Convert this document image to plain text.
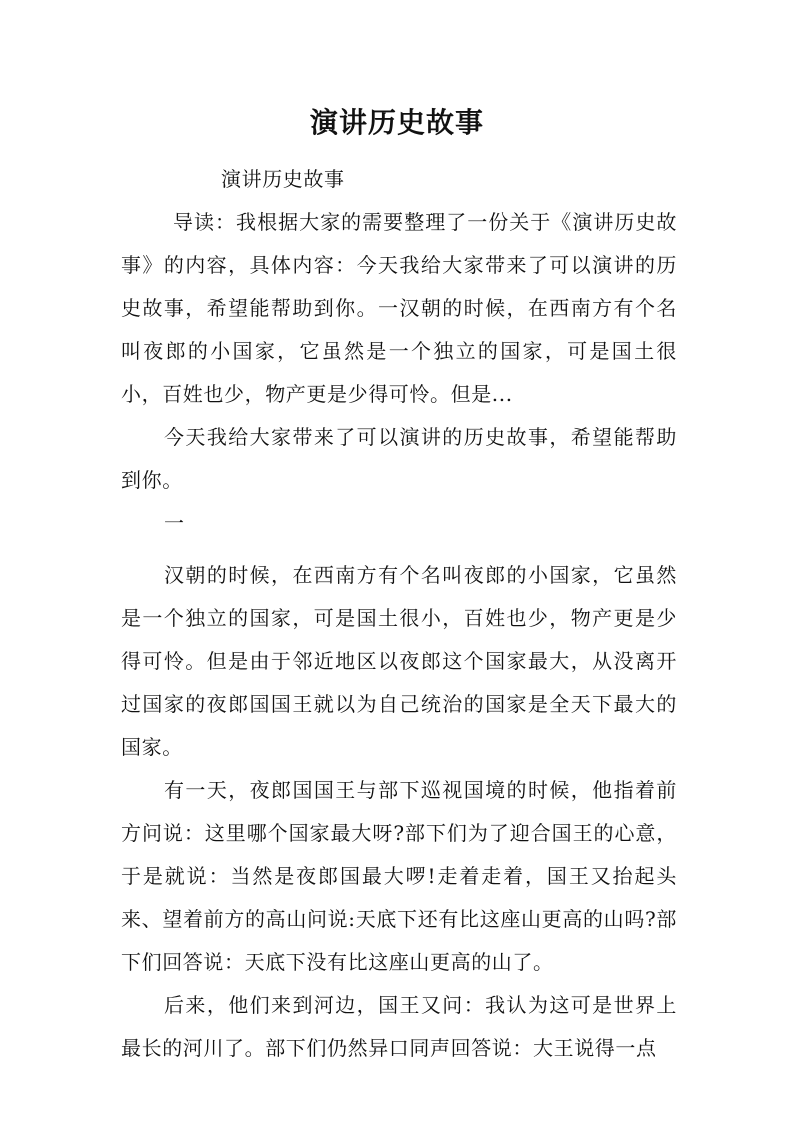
演讲历史故事

演讲历史故事

导读：我根据大家的需要整理了一份关于《演讲历史故事》的内容，具体内容：今天我给大家带来了可以演讲的历史故事，希望能帮助到你。一汉朝的时候，在西南方有个名叫夜郎的小国家，它虽然是一个独立的国家，可是国土很小，百姓也少，物产更是少得可怜。但是...

今天我给大家带来了可以演讲的历史故事，希望能帮助到你。

一

汉朝的时候，在西南方有个名叫夜郎的小国家，它虽然是一个独立的国家，可是国土很小，百姓也少，物产更是少得可怜。但是由于邻近地区以夜郎这个国家最大，从没离开过国家的夜郎国国王就以为自己统治的国家是全天下最大的国家。

有一天，夜郎国国王与部下巡视国境的时候，他指着前方问说：这里哪个国家最大呀?部下们为了迎合国王的心意，于是就说：当然是夜郎国最大啰!走着走着，国王又抬起头来、望着前方的高山问说:天底下还有比这座山更高的山吗?部下们回答说：天底下没有比这座山更高的山了。

后来，他们来到河边，国王又问：我认为这可是世界上最长的河川了。部下们仍然异口同声回答说：大王说得一点
